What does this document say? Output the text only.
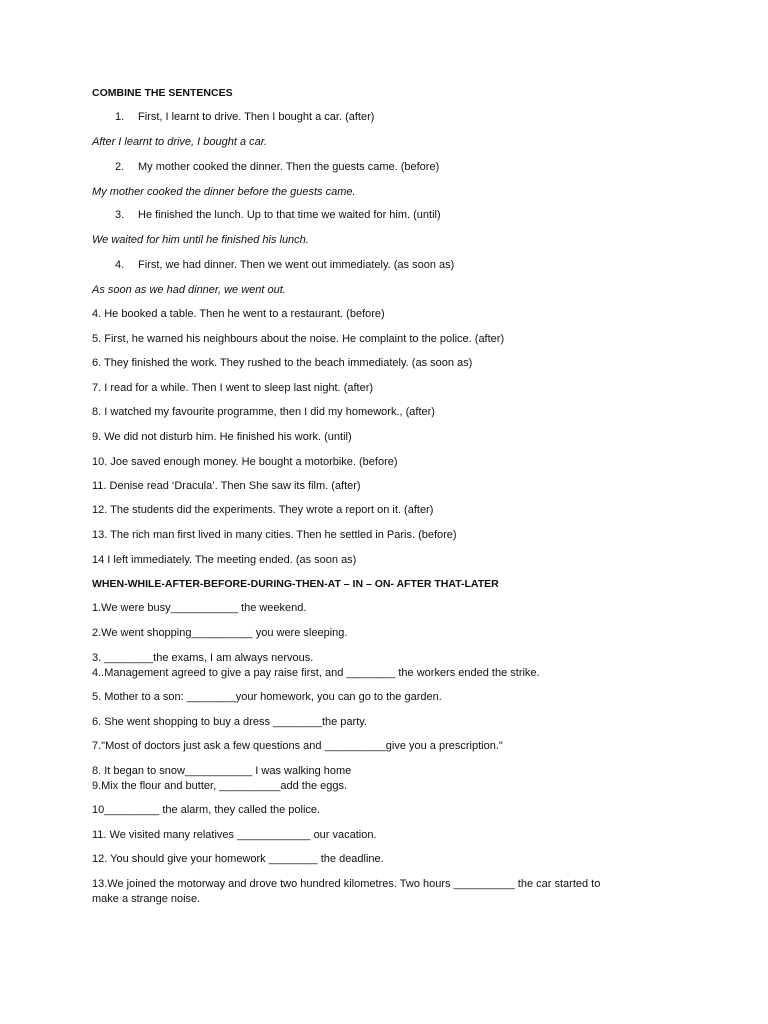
COMBINE THE SENTENCES
1. First, I learnt to drive. Then I bought a car. (after)
After I learnt to drive, I bought a car.
2. My mother cooked the dinner. Then the guests came. (before)
My mother cooked the dinner before the guests came.
3. He finished the lunch. Up to that time we waited for him. (until)
We waited for him until he finished his lunch.
4. First, we had dinner. Then we went out immediately. (as soon as)
As soon as we had dinner, we went out.
4. He booked a table. Then he went to a restaurant. (before)
5. First, he warned his neighbours about the noise. He complaint to the police. (after)
6. They finished the work. They rushed to the beach immediately. (as soon as)
7. I read for a while. Then I went to sleep last night. (after)
8. I watched my favourite programme, then I did my homework., (after)
9. We did not disturb him. He finished his work. (until)
10. Joe saved enough money. He bought a motorbike. (before)
11. Denise read ‘Dracula’. Then She saw its film. (after)
12. The students did the experiments. They wrote a report on it. (after)
13. The rich man first lived in many cities. Then he settled in Paris. (before)
14 I left immediately. The meeting ended. (as soon as)
WHEN-WHILE-AFTER-BEFORE-DURING-THEN-AT – IN – ON- AFTER THAT-LATER
1.We were busy___________ the weekend.
2.We went shopping__________ you were sleeping.
3. ________the exams, I am always nervous.
4..Management agreed to give a pay raise first, and ________ the workers ended the strike.
5. Mother to a son: ________your homework, you can go to the garden.
6. She went shopping to buy a dress ________the party.
7."Most of doctors just ask a few questions and __________give you a prescription."
8. It began to snow___________ I was walking home
9.Mix the flour and butter, __________add the eggs.
10_________ the alarm, they called the police.
11. We visited many relatives ____________ our vacation.
12. You should give your homework ________ the deadline.
13.We joined the motorway and drove two hundred kilometres. Two hours __________ the car started to
make a strange noise.
